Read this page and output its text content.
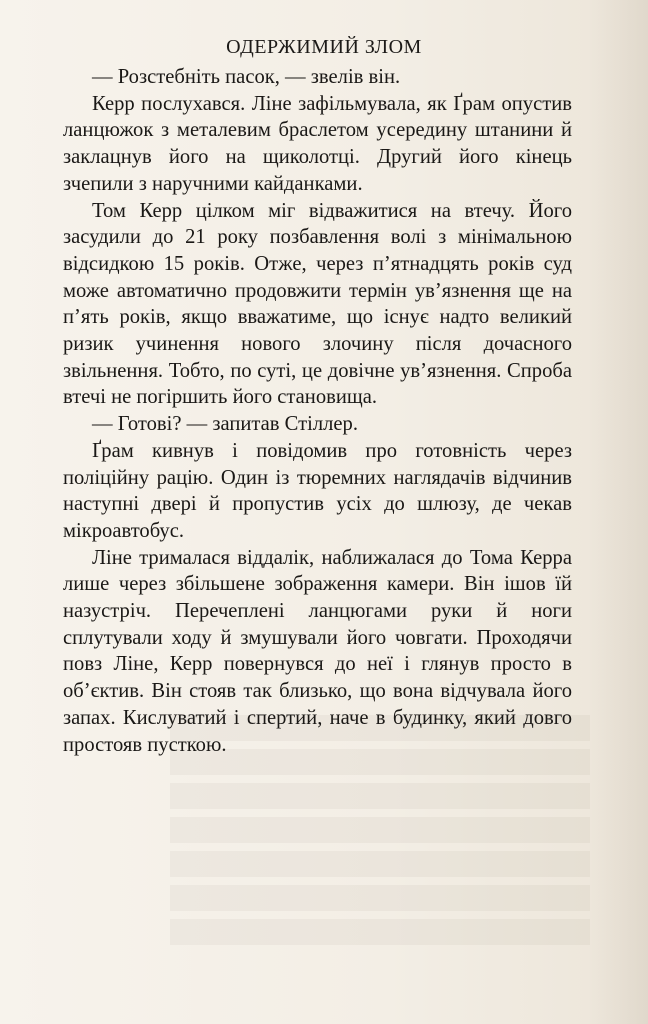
ОДЕРЖИМИЙ ЗЛОМ

— Розстебніть пасок, — звелів він.

Керр послухався. Ліне зафільмувала, як Ґрам опустив ланцюжок з металевим браслетом усередину штанини й заклацнув його на щиколотці. Другий його кінець зчепили з наручними кайданками.

Том Керр цілком міг відважитися на втечу. Його засудили до 21 року позбавлення волі з мінімальною відсидкою 15 років. Отже, через п’ятнадцять років суд може автоматично продовжити термін ув’язнення ще на п’ять років, якщо вважатиме, що існує надто великий ризик учинення нового злочину після дочасного звільнення. Тобто, по суті, це довічне ув’язнення. Спроба втечі не погіршить його становища.

— Готові? — запитав Стіллер.

Ґрам кивнув і повідомив про готовність через поліційну рацію. Один із тюремних наглядачів відчинив наступні двері й пропустив усіх до шлюзу, де чекав мікроавтобус.

Ліне трималася віддалік, наближалася до Тома Керра лише через збільшене зображення камери. Він ішов їй назустріч. Перечеплені ланцюгами руки й ноги сплутували ходу й змушували його човгати. Проходячи повз Ліне, Керр повернувся до неї і глянув просто в об’єктив. Він стояв так близько, що вона відчувала його запах. Кислуватий і спертий, наче в будинку, який довго простояв пусткою.
